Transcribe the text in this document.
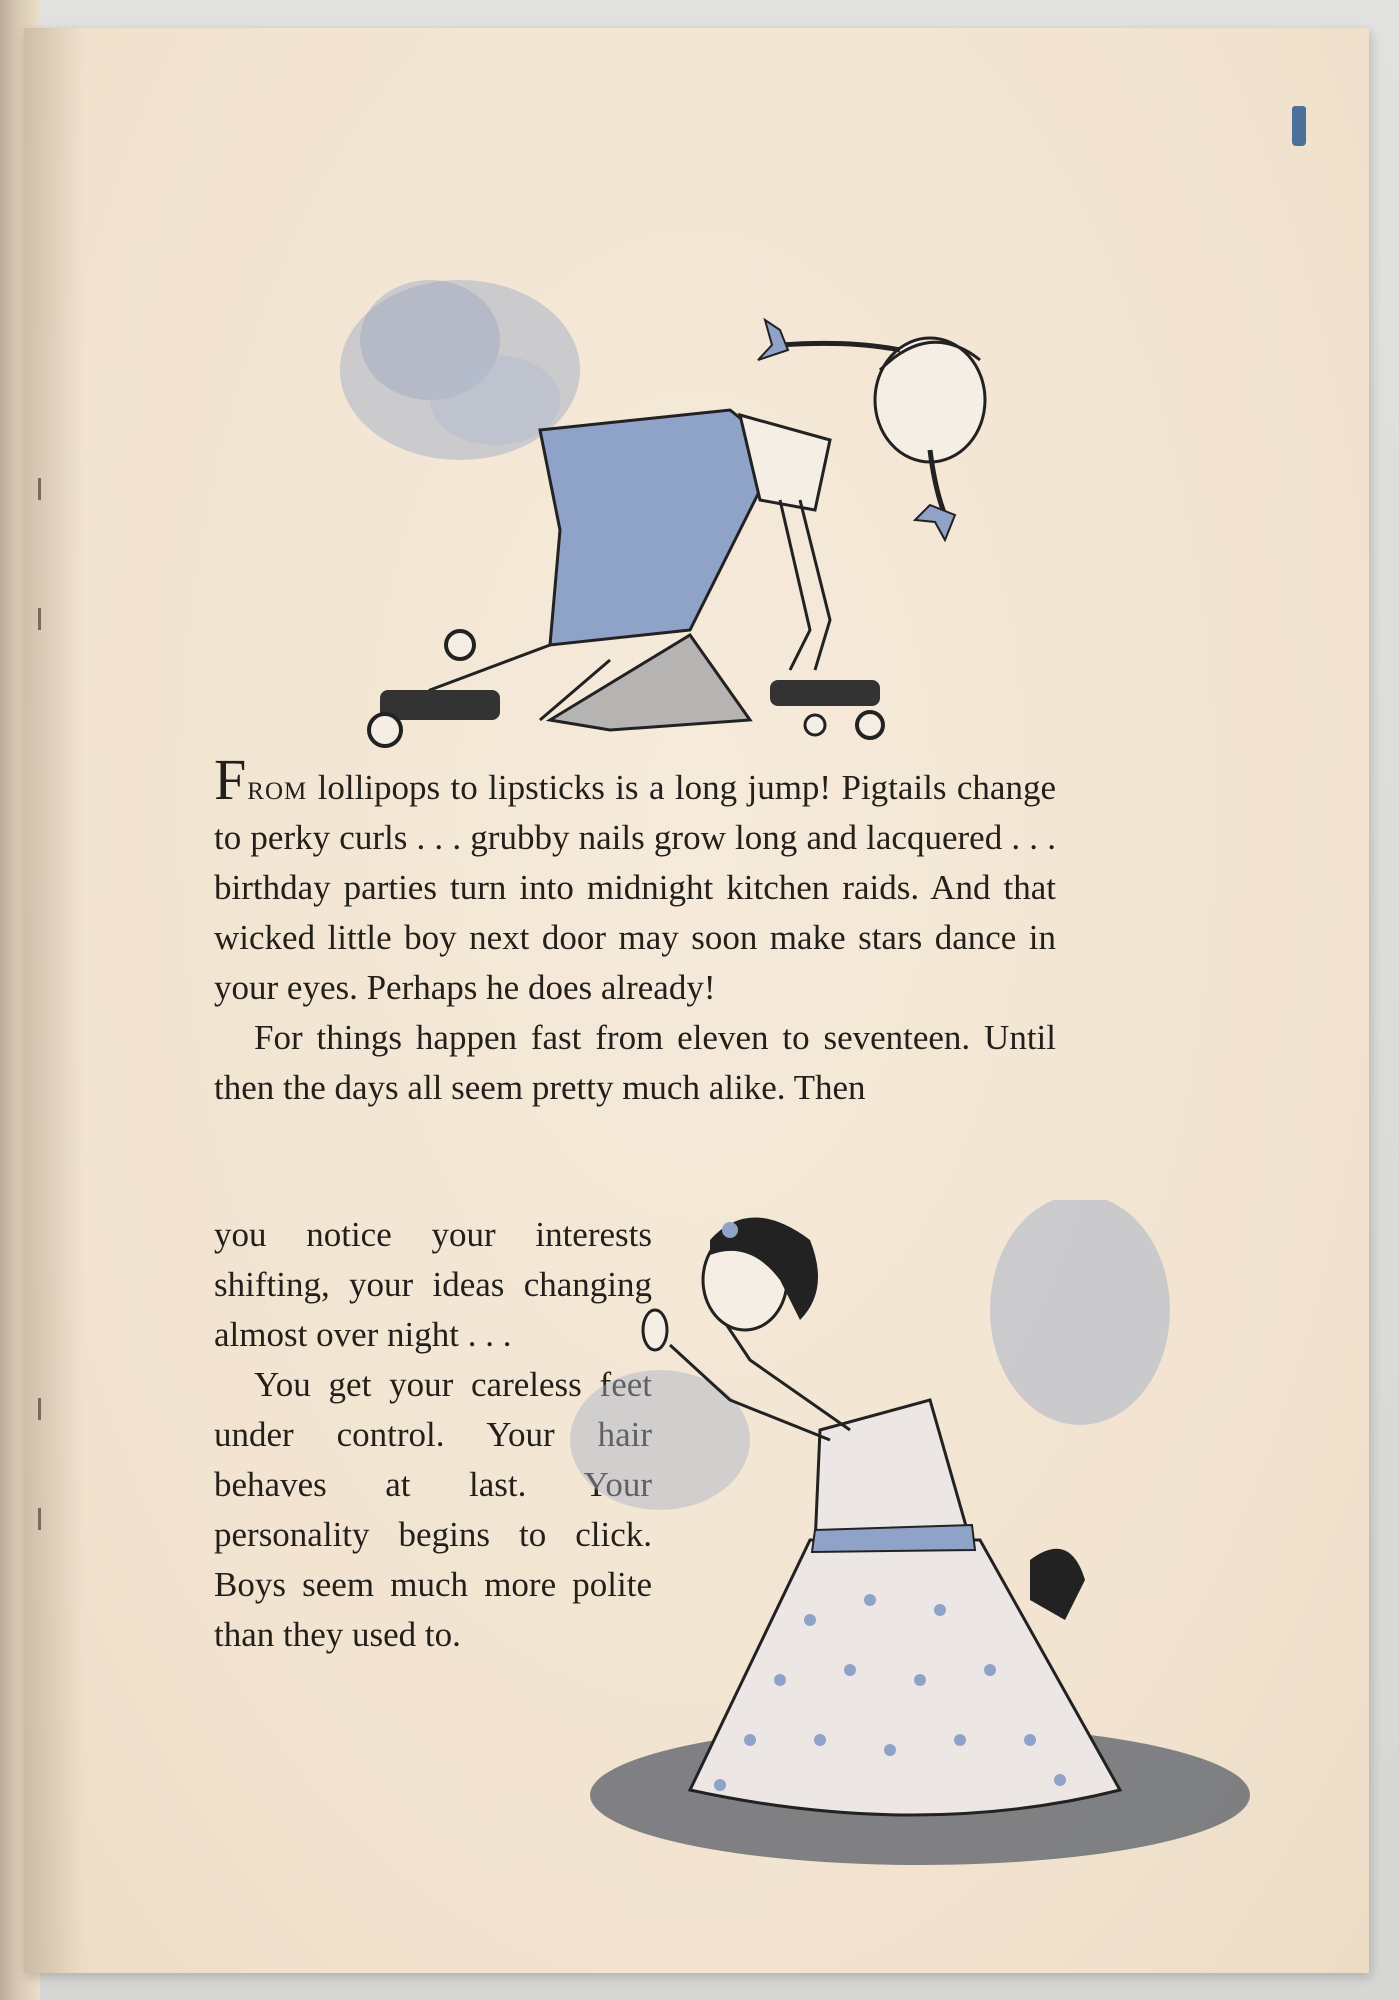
From lollipops to lipsticks is a long jump! Pigtails change to perky curls . . . grubby nails grow long and lacquered . . . birthday parties turn into midnight kitchen raids. And that wicked little boy next door may soon make stars dance in your eyes. Perhaps he does already!

For things happen fast from eleven to seventeen. Until then the days all seem pretty much alike. Then

you notice your interests shifting, your ideas changing almost over night . . .

You get your careless feet under control. Your hair behaves at last. Your personality begins to click. Boys seem much more polite than they used to.
